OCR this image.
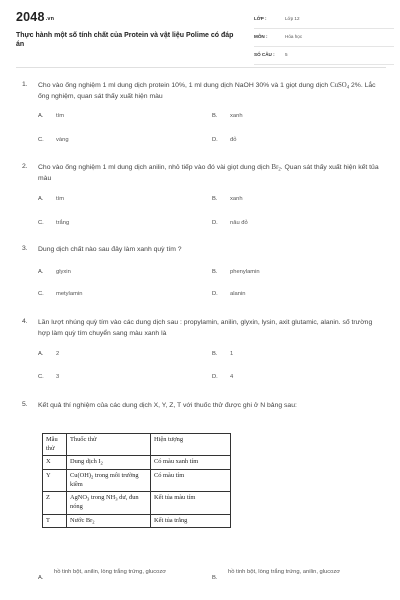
2048.vn
Thực hành một số tính chất của Protein và vật liệu Polime có đáp án
LỚP :	Lớp 12
MÔN :	Hóa học
SỐ CÂU : 5
1. Cho vào ống nghiệm 1 ml dung dịch protein 10%, 1 ml dung dịch NaOH 30% và 1 giọt dung dịch CuSO$_4$ 2%. Lắc ống nghiệm, quan sát thấy xuất hiện màu
A. tím	B. xanh
C. vàng	D. đỏ
2. Cho vào ống nghiệm 1 ml dung dịch anilin, nhỏ tiếp vào đó vài giọt dung dịch $Br_2$. Quan sát thấy xuất hiện kết tủa màu
A. tím	B. xanh
C. trắng	D. nâu đỏ
3. Dung dịch chất nào sau đây làm xanh quỳ tím ?
A. glyxin	B. phenylamin
C. metylamin	D. alanin
4. Lần lượt nhúng quỳ tím vào các dung dịch sau : propylamin, anilin, glyxin, lysin, axit glutamic, alanin. số trường hợp làm quỳ tím chuyển sang màu xanh là
A. 2	B. 1
C. 3	D. 4
5. Kết quả thí nghiệm của các dung dịch X, Y, Z, T với thuốc thử được ghi ở N bảng sau:
Mẫu thử	Thuốc thử	Hiện tượng
X	Dung dịch $I_2$	Có màu xanh tím
Y	$Cu(OH)_2$ trong môi trường kiềm	Có màu tím
Z	AgNO$_3$ trong $NH_3$ dư, đun nóng	Kết tủa màu tím
T	Nước $Br_2$	Kết tủa trắng
A.
hồ tinh bột, anilin, lòng trắng trứng, glucozơ
B.
hồ tinh bột, lòng trắng trứng, anilin, glucozơ
